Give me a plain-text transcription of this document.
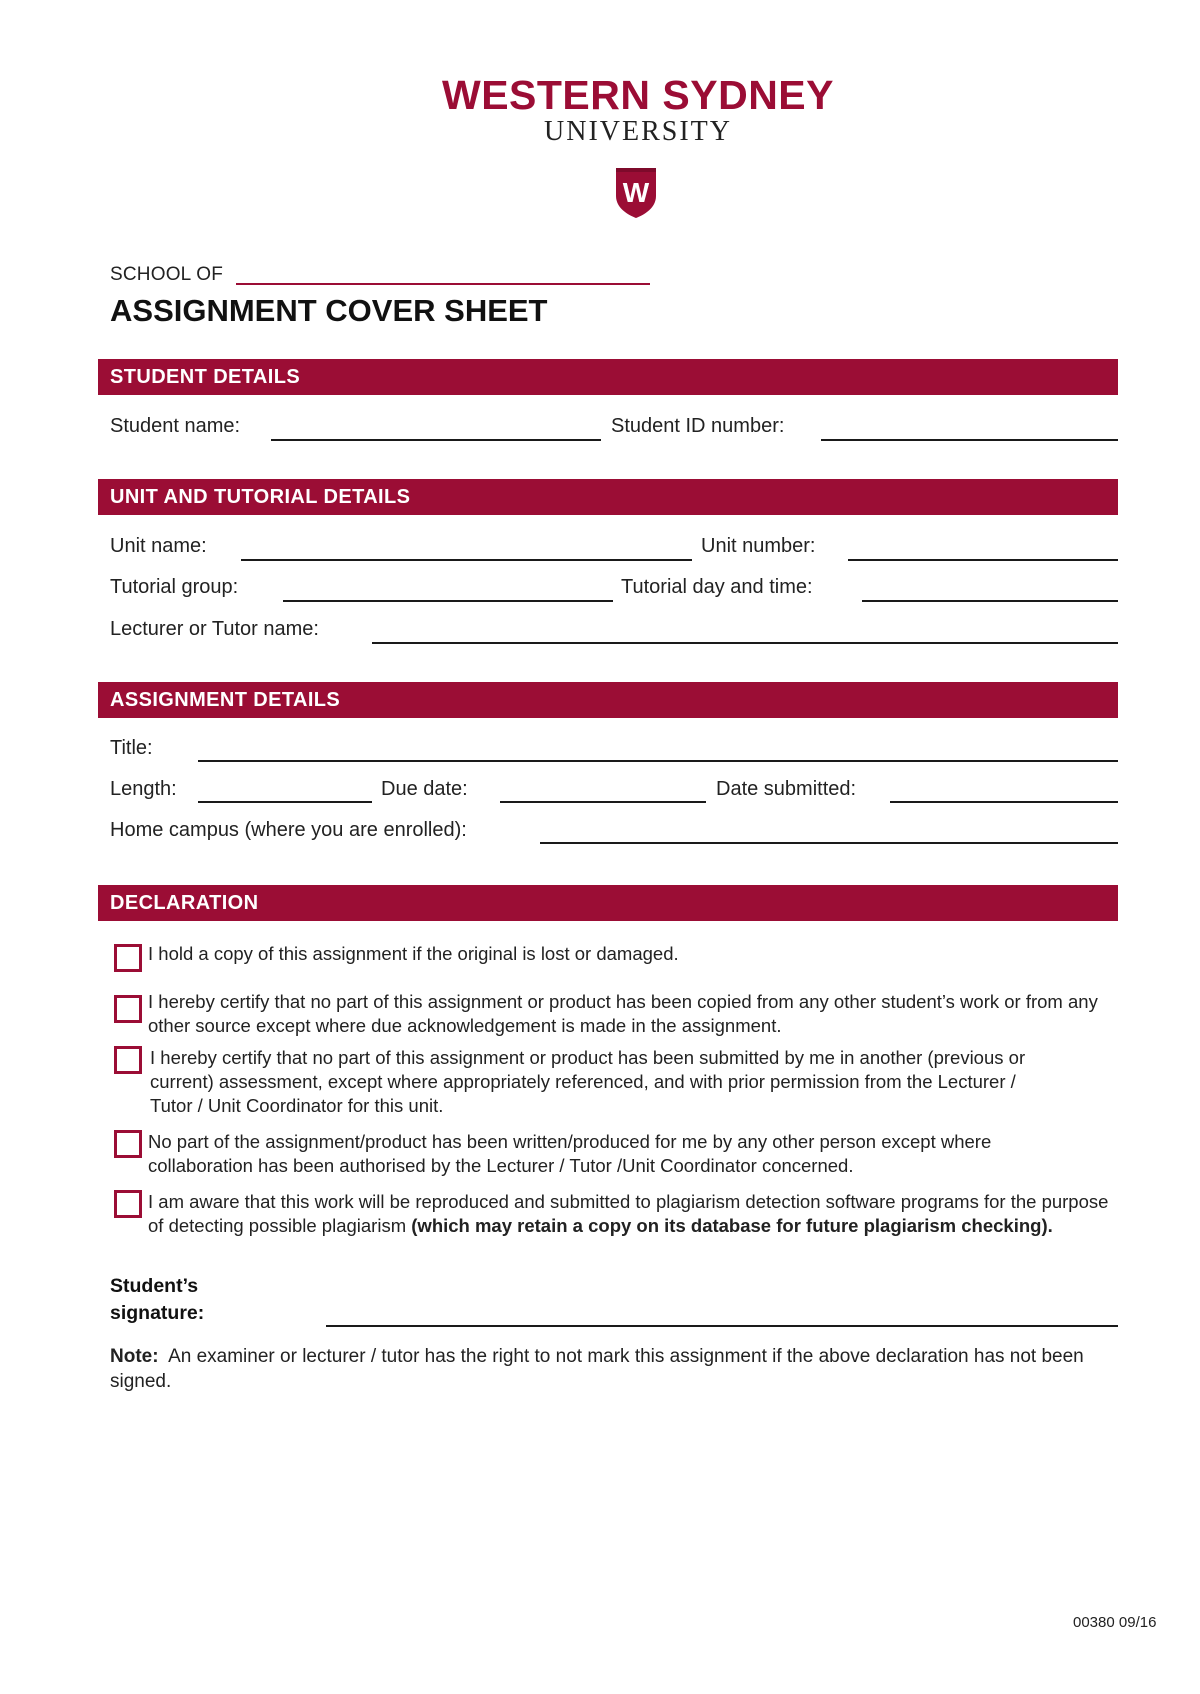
WESTERN SYDNEY
UNIVERSITY
W
SCHOOL OF
ASSIGNMENT COVER SHEET
STUDENT DETAILS
Student name:	Student ID number:
UNIT AND TUTORIAL DETAILS
Unit name:	Unit number:
Tutorial group:	Tutorial day and time:
Lecturer or Tutor name:
ASSIGNMENT DETAILS
Title:
Length:	Due date:	Date submitted:
Home campus (where you are enrolled):
DECLARATION
I hold a copy of this assignment if the original is lost or damaged.
I hereby certify that no part of this assignment or product has been copied from any other student’s work or from any other source except where due acknowledgement is made in the assignment.
I hereby certify that no part of this assignment or product has been submitted by me in another (previous or current) assessment, except where appropriately referenced, and with prior permission from the Lecturer / Tutor / Unit Coordinator for this unit.
No part of the assignment/product has been written/produced for me by any other person except where collaboration has been authorised by the Lecturer / Tutor /Unit Coordinator concerned.
I am aware that this work will be reproduced and submitted to plagiarism detection software programs for the purpose of detecting possible plagiarism (which may retain a copy on its database for future plagiarism checking).
Student’s
signature:
Note: An examiner or lecturer / tutor has the right to not mark this assignment if the above declaration has not been signed.
00380 09/16
